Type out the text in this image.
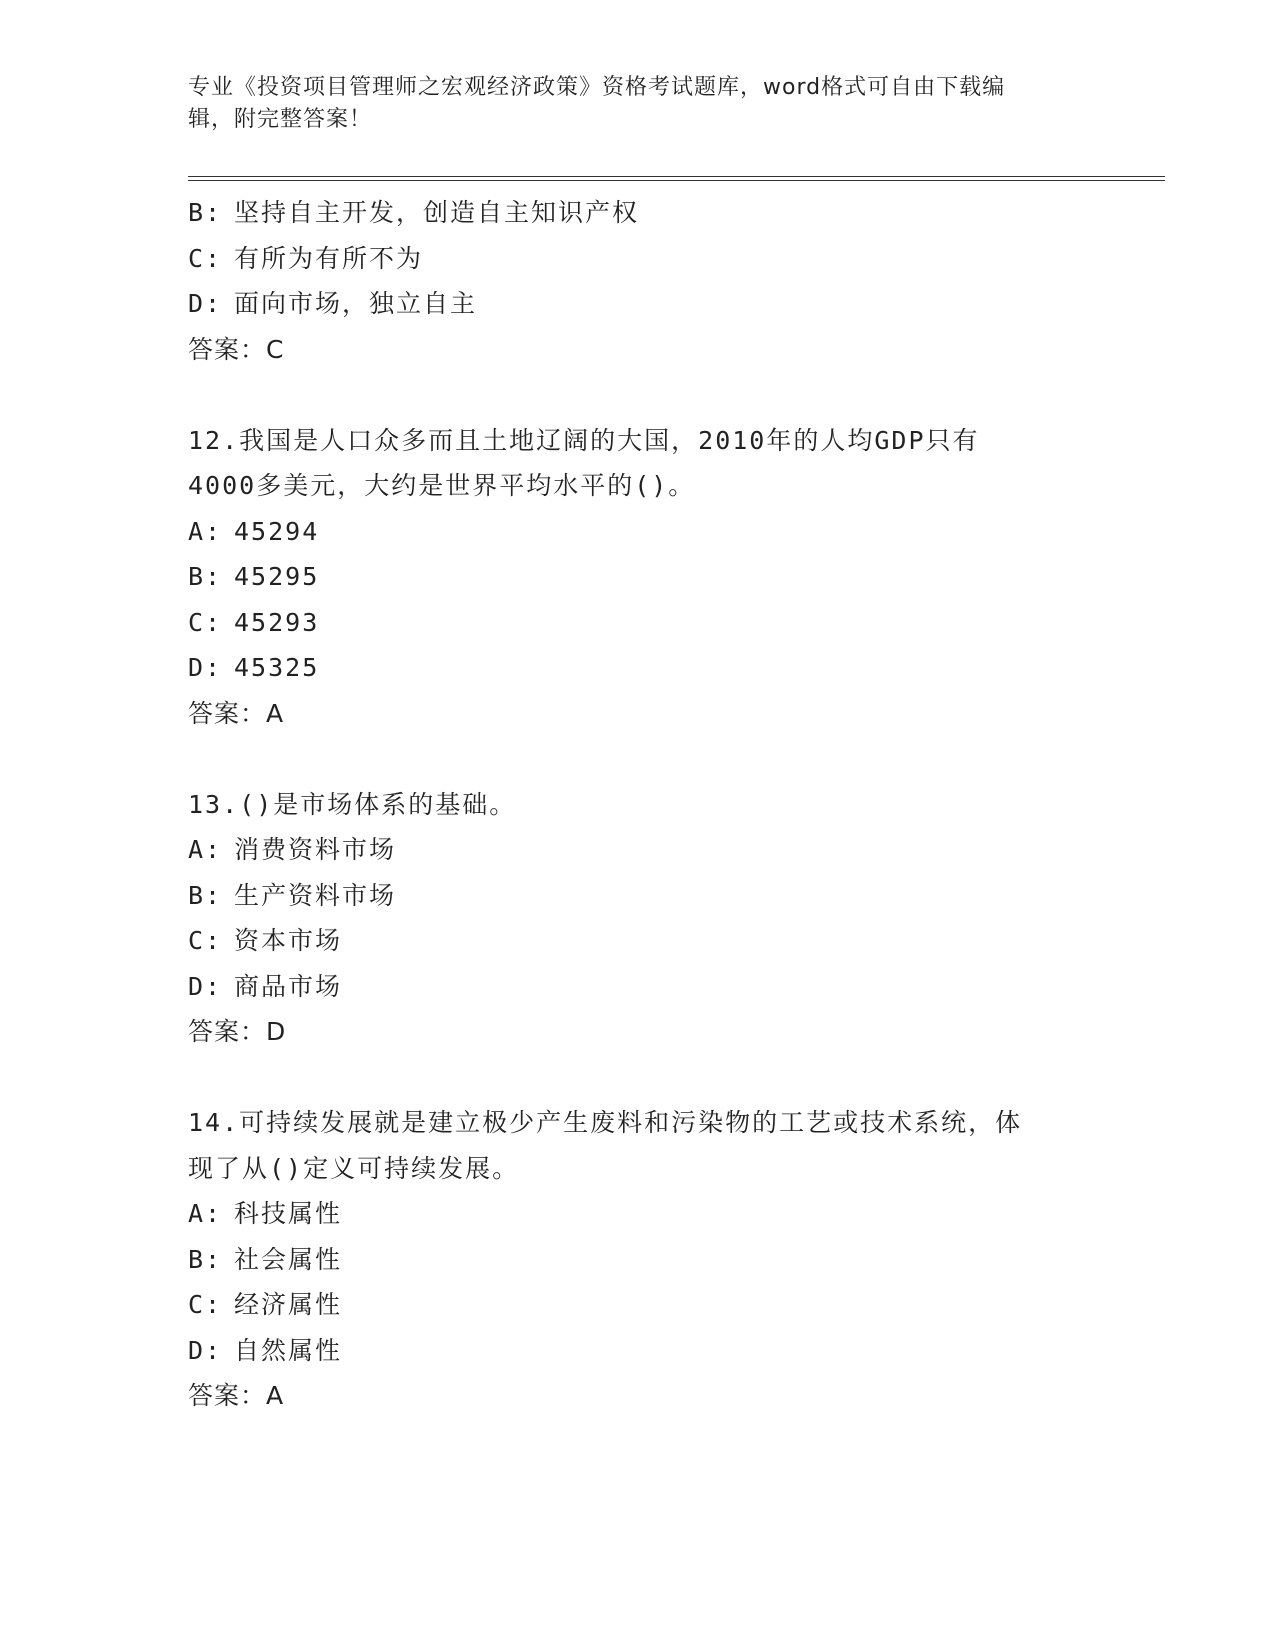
专业《投资项目管理师之宏观经济政策》资格考试题库，word格式可自由下载编
辑，附完整答案！
B: 坚持自主开发，创造自主知识产权
C: 有所为有所不为
D: 面向市场，独立自主
答案：C
12.我国是人口众多而且土地辽阔的大国，2010年的人均GDP只有
4000多美元，大约是世界平均水平的()。
A: 45294
B: 45295
C: 45293
D: 45325
答案：A
13.()是市场体系的基础。
A: 消费资料市场
B: 生产资料市场
C: 资本市场
D: 商品市场
答案：D
14.可持续发展就是建立极少产生废料和污染物的工艺或技术系统，体
现了从()定义可持续发展。
A: 科技属性
B: 社会属性
C: 经济属性
D: 自然属性
答案：A
